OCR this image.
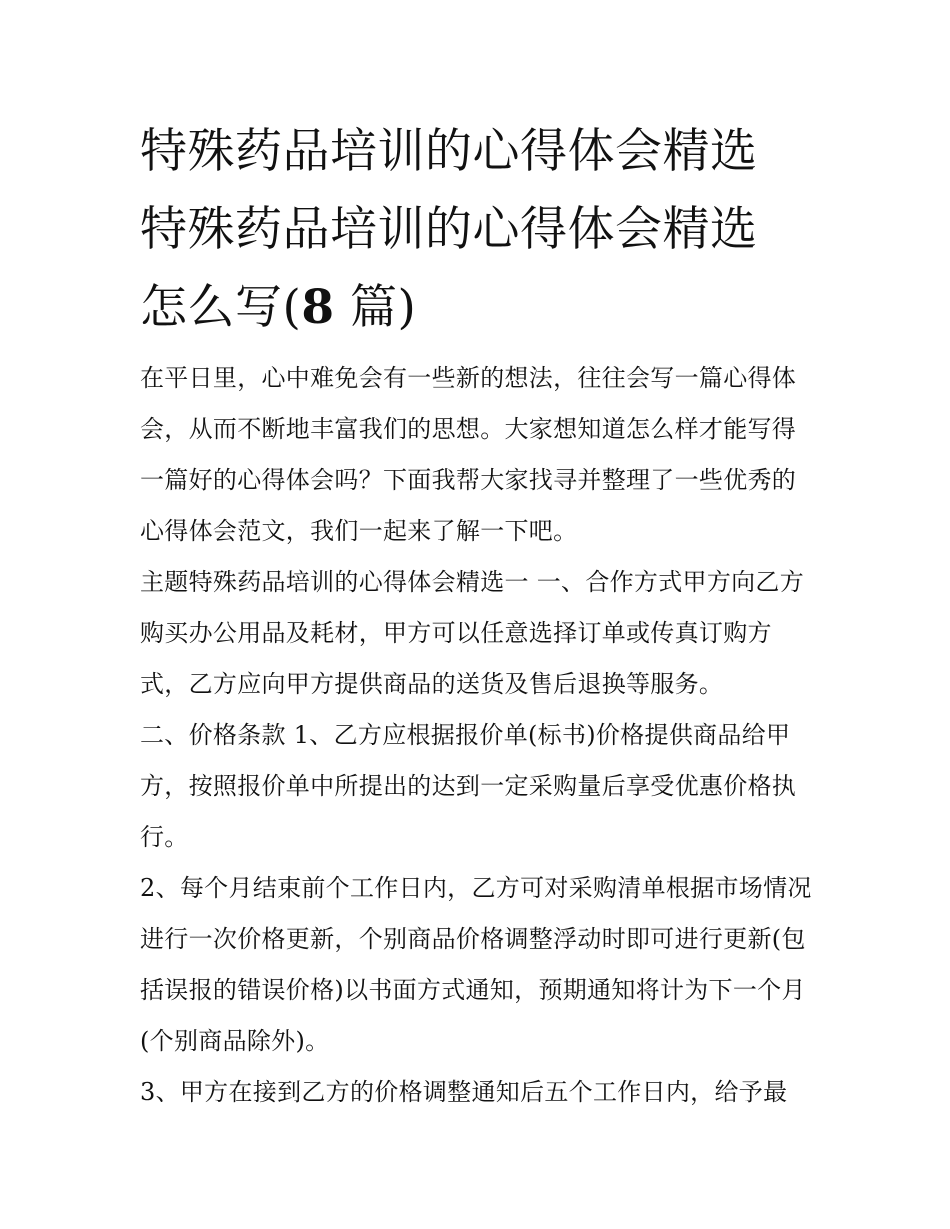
特殊药品培训的心得体会精选
特殊药品培训的心得体会精选
怎么写(8 篇)

在平日里，心中难免会有一些新的想法，往往会写一篇心得体会，从而不断地丰富我们的思想。大家想知道怎么样才能写得一篇好的心得体会吗？下面我帮大家找寻并整理了一些优秀的心得体会范文，我们一起来了解一下吧。

主题特殊药品培训的心得体会精选一 一、合作方式甲方向乙方购买办公用品及耗材，甲方可以任意选择订单或传真订购方式，乙方应向甲方提供商品的送货及售后退换等服务。

二、价格条款 1、乙方应根据报价单(标书)价格提供商品给甲方，按照报价单中所提出的达到一定采购量后享受优惠价格执行。

2、每个月结束前个工作日内，乙方可对采购清单根据市场情况进行一次价格更新，个别商品价格调整浮动时即可进行更新(包括误报的错误价格)以书面方式通知，预期通知将计为下一个月(个别商品除外)。

3、甲方在接到乙方的价格调整通知后五个工作日内，给予最
